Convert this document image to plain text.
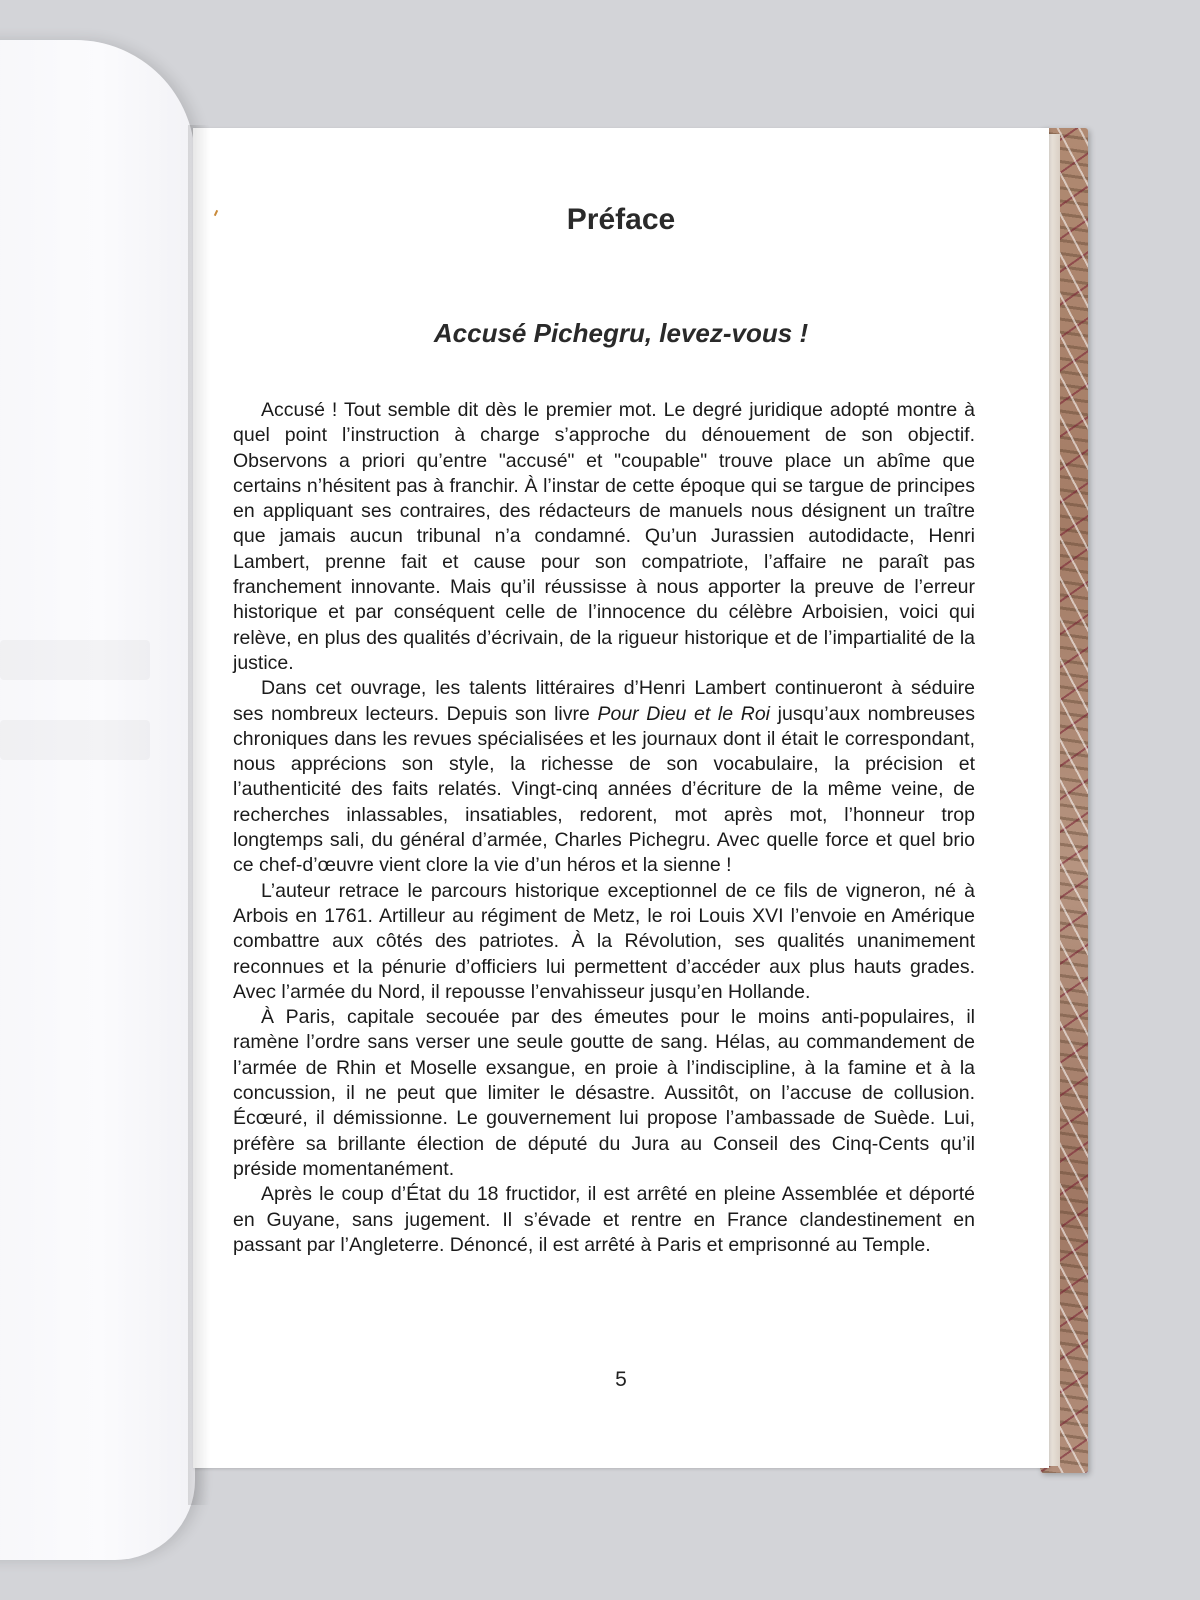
Préface
Accusé Pichegru, levez-vous !

Accusé ! Tout semble dit dès le premier mot. Le degré juridique adopté montre à quel point l’instruction à charge s’approche du dénouement de son objectif. Observons a priori qu’entre "accusé" et "coupable" trouve place un abîme que certains n’hésitent pas à franchir. À l’instar de cette époque qui se targue de principes en appliquant ses contraires, des rédacteurs de manuels nous désignent un traître que jamais aucun tribunal n’a condamné. Qu’un Jurassien autodidacte, Henri Lambert, prenne fait et cause pour son compatriote, l’affaire ne paraît pas franchement innovante. Mais qu’il réussisse à nous apporter la preuve de l’erreur historique et par conséquent celle de l’innocence du célèbre Arboisien, voici qui relève, en plus des qualités d’écrivain, de la rigueur historique et de l’impartialité de la justice.

Dans cet ouvrage, les talents littéraires d’Henri Lambert continueront à séduire ses nombreux lecteurs. Depuis son livre Pour Dieu et le Roi jusqu’aux nombreuses chroniques dans les revues spécialisées et les journaux dont il était le correspondant, nous apprécions son style, la richesse de son vocabulaire, la précision et l’authenticité des faits relatés. Vingt-cinq années d’écriture de la même veine, de recherches inlassables, insatiables, redorent, mot après mot, l’honneur trop longtemps sali, du général d’armée, Charles Pichegru. Avec quelle force et quel brio ce chef-d’œuvre vient clore la vie d’un héros et la sienne !

L’auteur retrace le parcours historique exceptionnel de ce fils de vigneron, né à Arbois en 1761. Artilleur au régiment de Metz, le roi Louis XVI l’envoie en Amérique combattre aux côtés des patriotes. À la Révolution, ses qualités unanimement reconnues et la pénurie d’officiers lui permettent d’accéder aux plus hauts grades. Avec l’armée du Nord, il repousse l’envahisseur jusqu’en Hollande.

À Paris, capitale secouée par des émeutes pour le moins anti-populaires, il ramène l’ordre sans verser une seule goutte de sang. Hélas, au commandement de l’armée de Rhin et Moselle exsangue, en proie à l’indiscipline, à la famine et à la concussion, il ne peut que limiter le désastre. Aussitôt, on l’accuse de collusion. Écœuré, il démissionne. Le gouvernement lui propose l’ambassade de Suède. Lui, préfère sa brillante élection de député du Jura au Conseil des Cinq-Cents qu’il préside momentanément.

Après le coup d’État du 18 fructidor, il est arrêté en pleine Assemblée et déporté en Guyane, sans jugement. Il s’évade et rentre en France clandestinement en passant par l’Angleterre. Dénoncé, il est arrêté à Paris et emprisonné au Temple.

5
